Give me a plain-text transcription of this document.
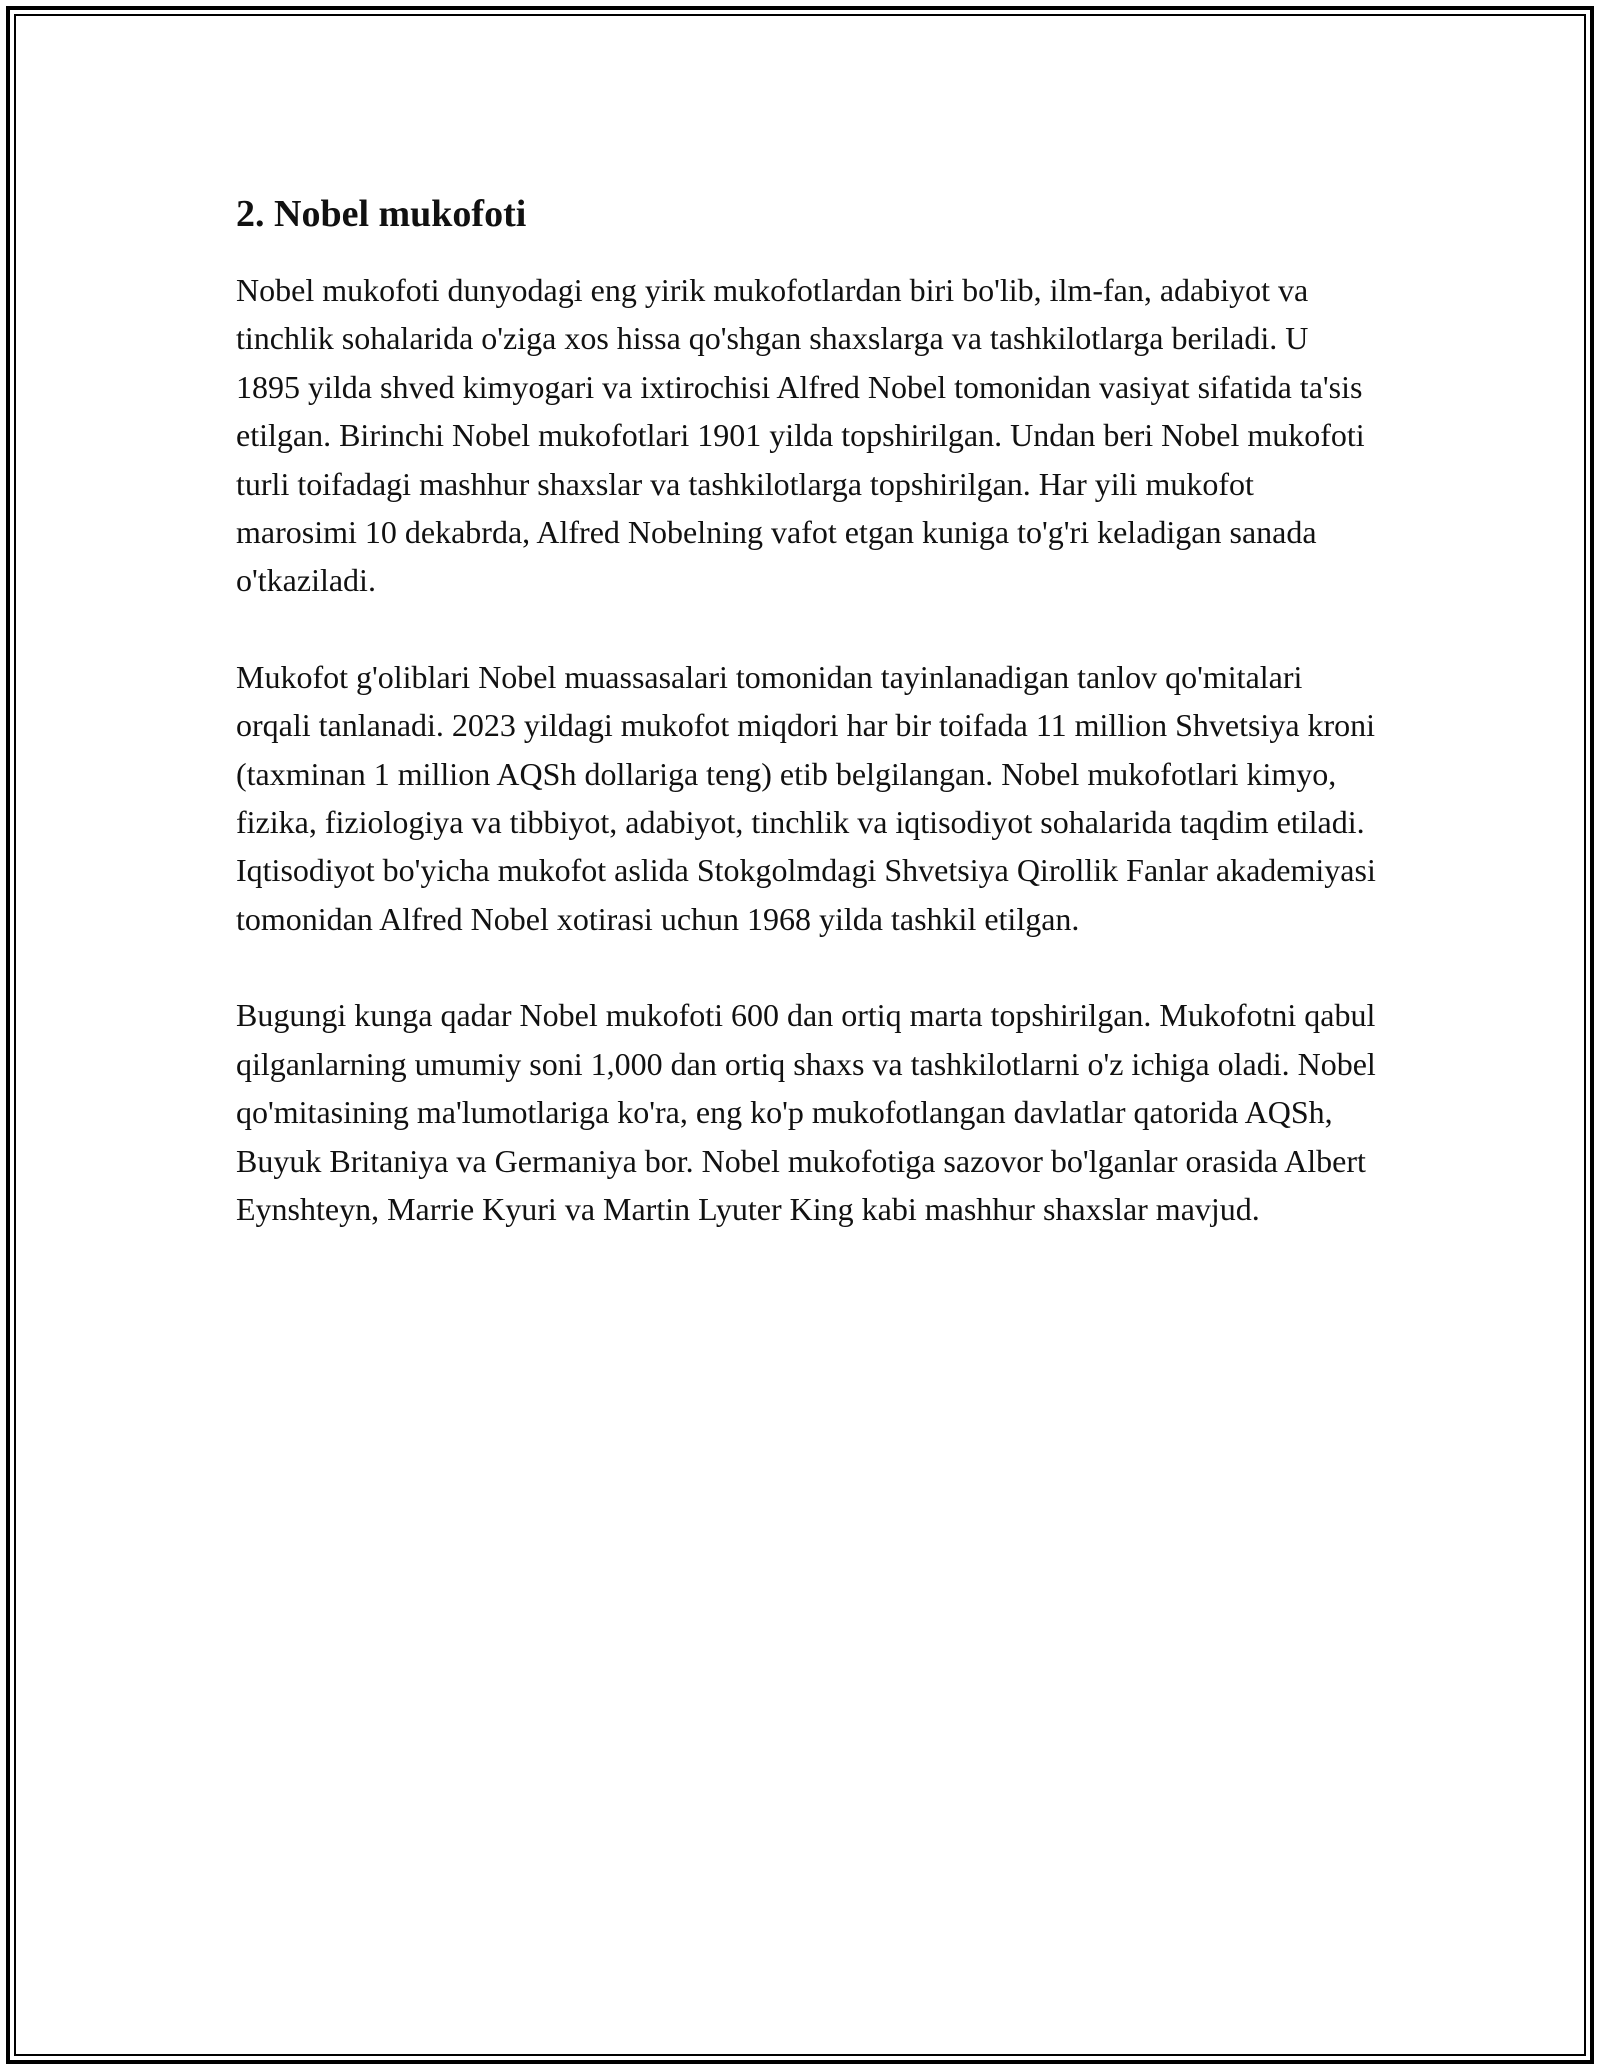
2. Nobel mukofoti

Nobel mukofoti dunyodagi eng yirik mukofotlardan biri bo'lib, ilm-fan, adabiyot va tinchlik sohalarida o'ziga xos hissa qo'shgan shaxslarga va tashkilotlarga beriladi. U 1895 yilda shved kimyogari va ixtirochisi Alfred Nobel tomonidan vasiyat sifatida ta'sis etilgan. Birinchi Nobel mukofotlari 1901 yilda topshirilgan. Undan beri Nobel mukofoti turli toifadagi mashhur shaxslar va tashkilotlarga topshirilgan. Har yili mukofot marosimi 10 dekabrda, Alfred Nobelning vafot etgan kuniga to'g'ri keladigan sanada o'tkaziladi.

Mukofot g'oliblari Nobel muassasalari tomonidan tayinlanadigan tanlov qo'mitalari orqali tanlanadi. 2023 yildagi mukofot miqdori har bir toifada 11 million Shvetsiya kroni (taxminan 1 million AQSh dollariga teng) etib belgilangan. Nobel mukofotlari kimyo, fizika, fiziologiya va tibbiyot, adabiyot, tinchlik va iqtisodiyot sohalarida taqdim etiladi. Iqtisodiyot bo'yicha mukofot aslida Stokgolmdagi Shvetsiya Qirollik Fanlar akademiyasi tomonidan Alfred Nobel xotirasi uchun 1968 yilda tashkil etilgan.

Bugungi kunga qadar Nobel mukofoti 600 dan ortiq marta topshirilgan. Mukofotni qabul qilganlarning umumiy soni 1,000 dan ortiq shaxs va tashkilotlarni o'z ichiga oladi. Nobel qo'mitasining ma'lumotlariga ko'ra, eng ko'p mukofotlangan davlatlar qatorida AQSh, Buyuk Britaniya va Germaniya bor. Nobel mukofotiga sazovor bo'lganlar orasida Albert Eynshteyn, Marrie Kyuri va Martin Lyuter King kabi mashhur shaxslar mavjud.
